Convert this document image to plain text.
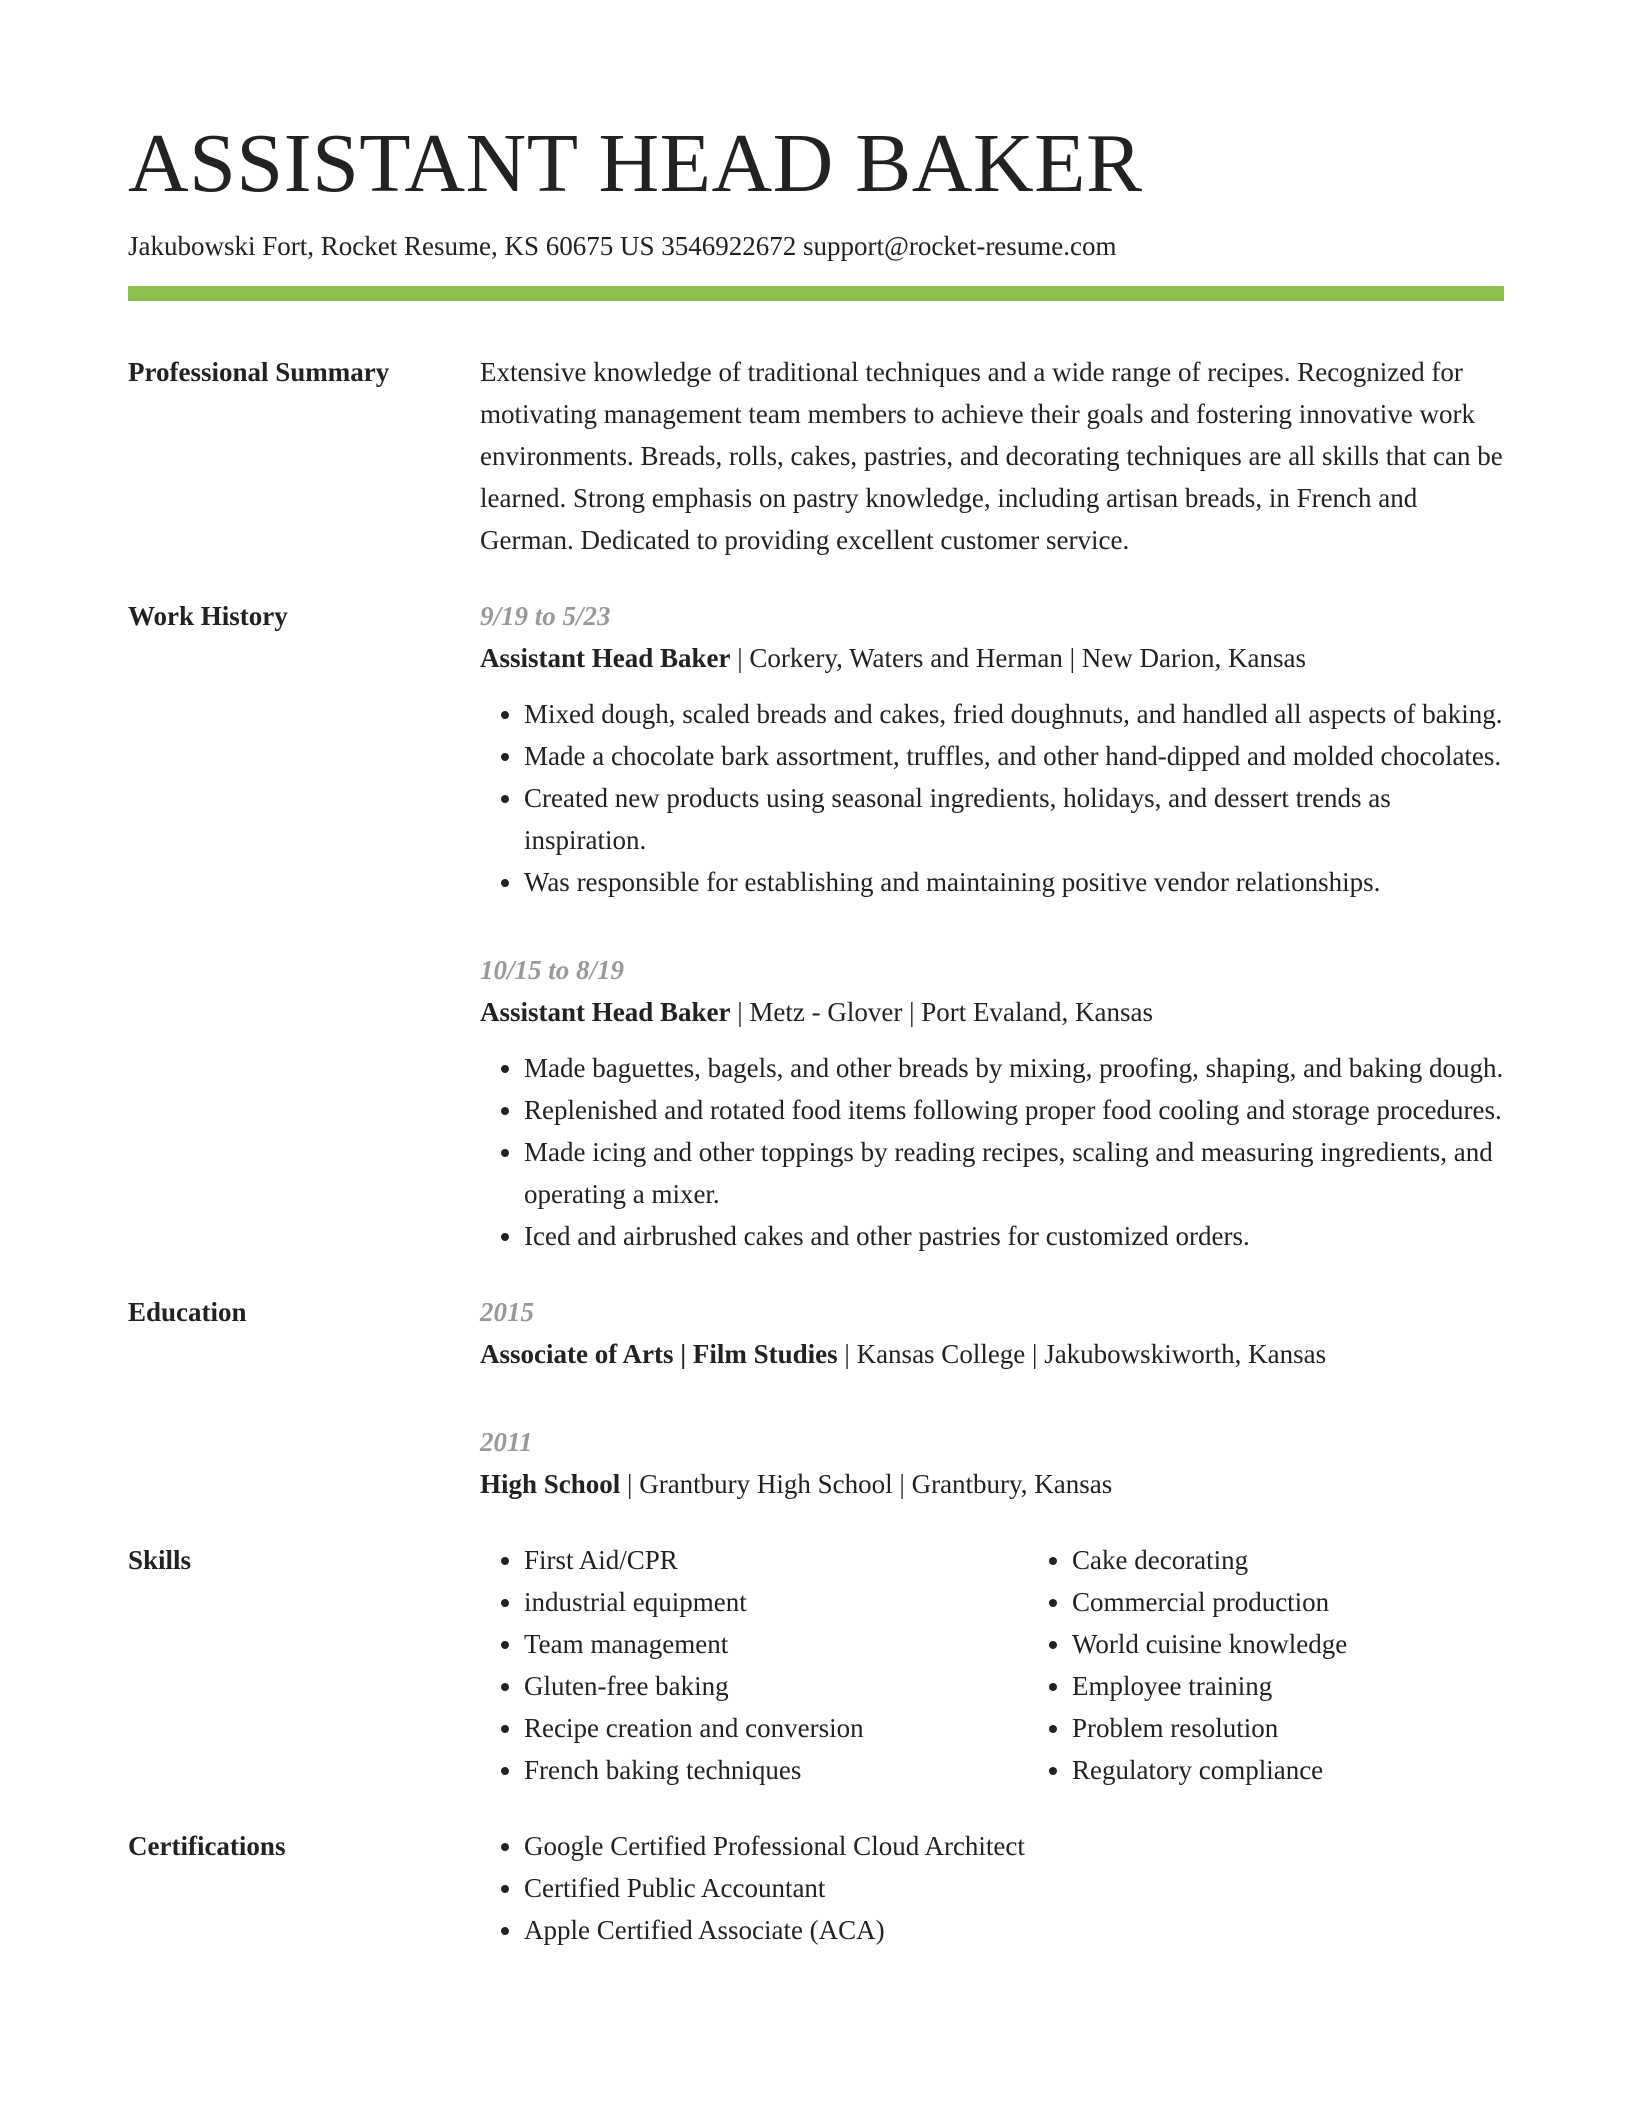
ASSISTANT HEAD BAKER
Jakubowski Fort, Rocket Resume, KS 60675 US 3546922672 support@rocket-resume.com
Professional Summary	Extensive knowledge of traditional techniques and a wide range of recipes. Recognized for motivating management team members to achieve their goals and fostering innovative work environments. Breads, rolls, cakes, pastries, and decorating techniques are all skills that can be learned. Strong emphasis on pastry knowledge, including artisan breads, in French and German. Dedicated to providing excellent customer service.
Work History	9/19 to 5/23
Assistant Head Baker | Corkery, Waters and Herman | New Darion, Kansas
• Mixed dough, scaled breads and cakes, fried doughnuts, and handled all aspects of baking.
• Made a chocolate bark assortment, truffles, and other hand-dipped and molded chocolates.
• Created new products using seasonal ingredients, holidays, and dessert trends as inspiration.
• Was responsible for establishing and maintaining positive vendor relationships.
10/15 to 8/19
Assistant Head Baker | Metz - Glover | Port Evaland, Kansas
• Made baguettes, bagels, and other breads by mixing, proofing, shaping, and baking dough.
• Replenished and rotated food items following proper food cooling and storage procedures.
• Made icing and other toppings by reading recipes, scaling and measuring ingredients, and operating a mixer.
• Iced and airbrushed cakes and other pastries for customized orders.
Education	2015
Associate of Arts | Film Studies | Kansas College | Jakubowskiworth, Kansas
2011
High School | Grantbury High School | Grantbury, Kansas
Skills	• First Aid/CPR
• industrial equipment
• Team management
• Gluten-free baking
• Recipe creation and conversion
• French baking techniques
• Cake decorating
• Commercial production
• World cuisine knowledge
• Employee training
• Problem resolution
• Regulatory compliance
Certifications	• Google Certified Professional Cloud Architect
• Certified Public Accountant
• Apple Certified Associate (ACA)
